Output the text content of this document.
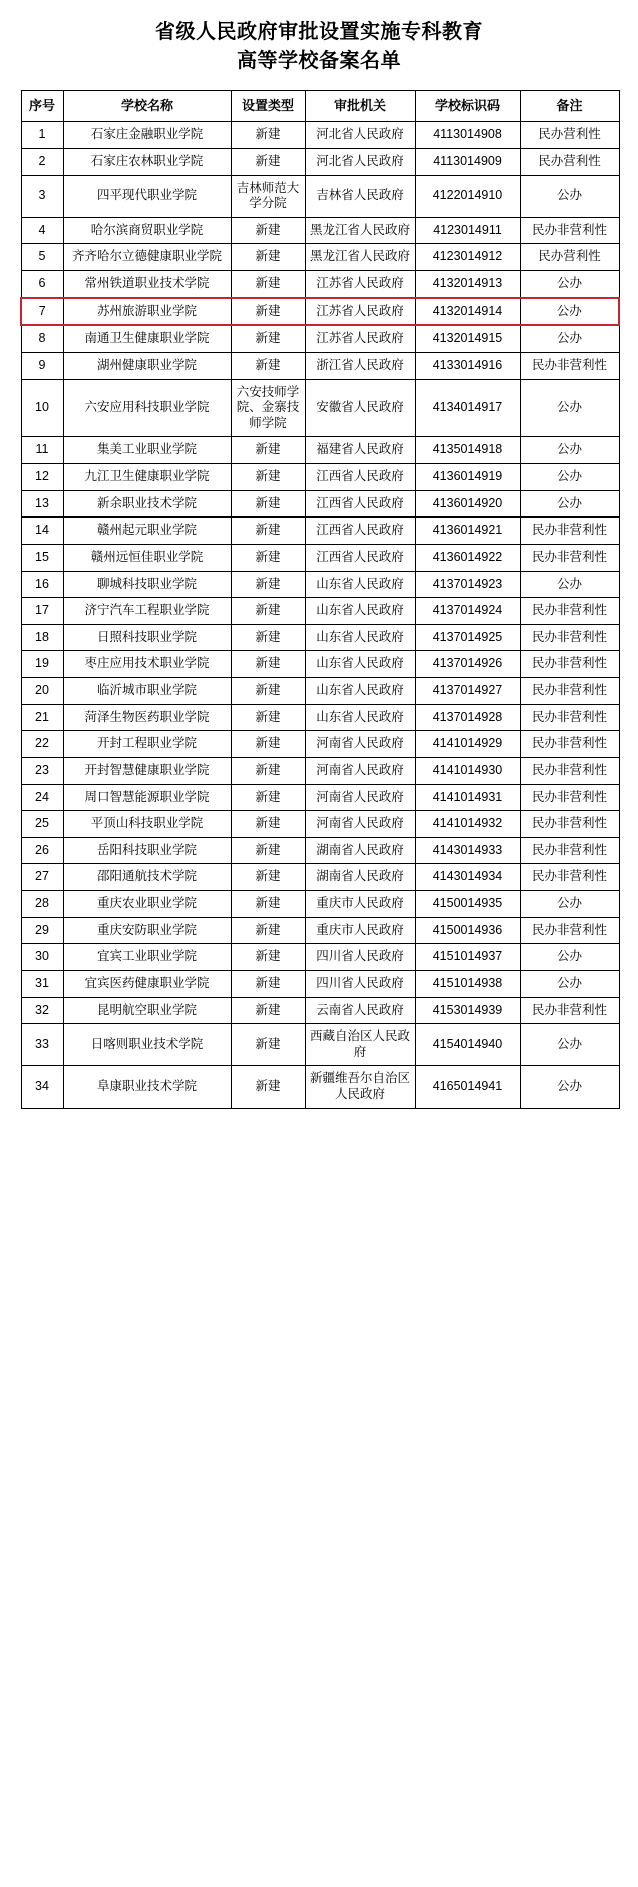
省级人民政府审批设置实施专科教育
高等学校备案名单
序号	学校名称	设置类型	审批机关	学校标识码	备注
1	石家庄金融职业学院	新建	河北省人民政府	4113014908	民办营利性
2	石家庄农林职业学院	新建	河北省人民政府	4113014909	民办营利性
3	四平现代职业学院	吉林师范大学分院	吉林省人民政府	4122014910	公办
4	哈尔滨商贸职业学院	新建	黑龙江省人民政府	4123014911	民办非营利性
5	齐齐哈尔立德健康职业学院	新建	黑龙江省人民政府	4123014912	民办营利性
6	常州铁道职业技术学院	新建	江苏省人民政府	4132014913	公办
7	苏州旅游职业学院	新建	江苏省人民政府	4132014914	公办
8	南通卫生健康职业学院	新建	江苏省人民政府	4132014915	公办
9	湖州健康职业学院	新建	浙江省人民政府	4133014916	民办非营利性
10	六安应用科技职业学院	六安技师学院、金寨技师学院	安徽省人民政府	4134014917	公办
11	集美工业职业学院	新建	福建省人民政府	4135014918	公办
12	九江卫生健康职业学院	新建	江西省人民政府	4136014919	公办
13	新余职业技术学院	新建	江西省人民政府	4136014920	公办
14	赣州起元职业学院	新建	江西省人民政府	4136014921	民办非营利性
15	赣州远恒佳职业学院	新建	江西省人民政府	4136014922	民办非营利性
16	聊城科技职业学院	新建	山东省人民政府	4137014923	公办
17	济宁汽车工程职业学院	新建	山东省人民政府	4137014924	民办非营利性
18	日照科技职业学院	新建	山东省人民政府	4137014925	民办非营利性
19	枣庄应用技术职业学院	新建	山东省人民政府	4137014926	民办非营利性
20	临沂城市职业学院	新建	山东省人民政府	4137014927	民办非营利性
21	菏泽生物医药职业学院	新建	山东省人民政府	4137014928	民办非营利性
22	开封工程职业学院	新建	河南省人民政府	4141014929	民办非营利性
23	开封智慧健康职业学院	新建	河南省人民政府	4141014930	民办非营利性
24	周口智慧能源职业学院	新建	河南省人民政府	4141014931	民办非营利性
25	平顶山科技职业学院	新建	河南省人民政府	4141014932	民办非营利性
26	岳阳科技职业学院	新建	湖南省人民政府	4143014933	民办非营利性
27	邵阳通航技术学院	新建	湖南省人民政府	4143014934	民办非营利性
28	重庆农业职业学院	新建	重庆市人民政府	4150014935	公办
29	重庆安防职业学院	新建	重庆市人民政府	4150014936	民办非营利性
30	宜宾工业职业学院	新建	四川省人民政府	4151014937	公办
31	宜宾医药健康职业学院	新建	四川省人民政府	4151014938	公办
32	昆明航空职业学院	新建	云南省人民政府	4153014939	民办非营利性
33	日喀则职业技术学院	新建	西藏自治区人民政府	4154014940	公办
34	阜康职业技术学院	新建	新疆维吾尔自治区人民政府	4165014941	公办
